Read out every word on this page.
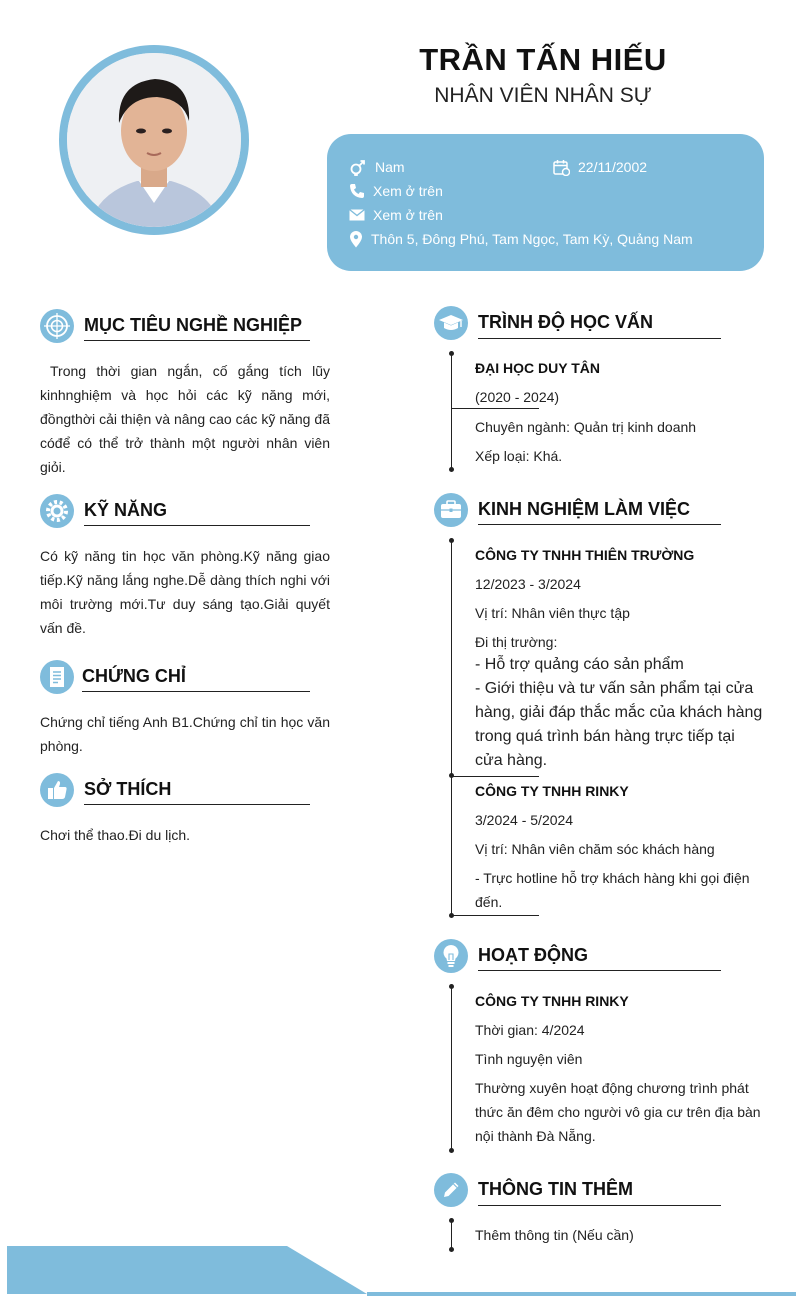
TRẦN TẤN HIẾU
NHÂN VIÊN NHÂN SỰ
Nam	22/11/2002
Xem ở trên
Xem ở trên
Thôn 5, Đông Phú, Tam Ngọc, Tam Kỳ, Quảng Nam
MỤC TIÊU NGHỀ NGHIỆP
Trong thời gian ngắn, cố gắng tích lũy
kinhnghiệm và học hỏi các kỹ năng mới,
đồngthời cải thiện và nâng cao các kỹ năng đã
cóđể có thể trở thành một người nhân viên
giỏi.
KỸ NĂNG
Có kỹ năng tin học văn phòng.Kỹ năng giao
tiếp.Kỹ năng lắng nghe.Dễ dàng thích nghi với
môi trường mới.Tư duy sáng tạo.Giải quyết
vấn đề.
CHỨNG CHỈ
Chứng chỉ tiếng Anh B1.Chứng chỉ tin học văn
phòng.
SỞ THÍCH
Chơi thể thao.Đi du lịch.
TRÌNH ĐỘ HỌC VẤN
ĐẠI HỌC DUY TÂN
(2020 - 2024)
Chuyên ngành: Quản trị kinh doanh
Xếp loại: Khá.
KINH NGHIỆM LÀM VIỆC
CÔNG TY TNHH THIÊN TRƯỜNG
12/2023 - 3/2024
Vị trí: Nhân viên thực tập
Đi thị trường:
- Hỗ trợ quảng cáo sản phẩm
- Giới thiệu và tư vấn sản phẩm tại cửa
hàng, giải đáp thắc mắc của khách hàng
trong quá trình bán hàng trực tiếp tại
cửa hàng.
CÔNG TY TNHH RINKY
3/2024 - 5/2024
Vị trí: Nhân viên chăm sóc khách hàng
- Trực hotline hỗ trợ khách hàng khi gọi điện
đến.
HOẠT ĐỘNG
CÔNG TY TNHH RINKY
Thời gian: 4/2024
Tình nguyện viên
Thường xuyên hoạt động chương trình phát
thức ăn đêm cho người vô gia cư trên địa bàn
nội thành Đà Nẵng.
THÔNG TIN THÊM
Thêm thông tin (Nếu cần)
